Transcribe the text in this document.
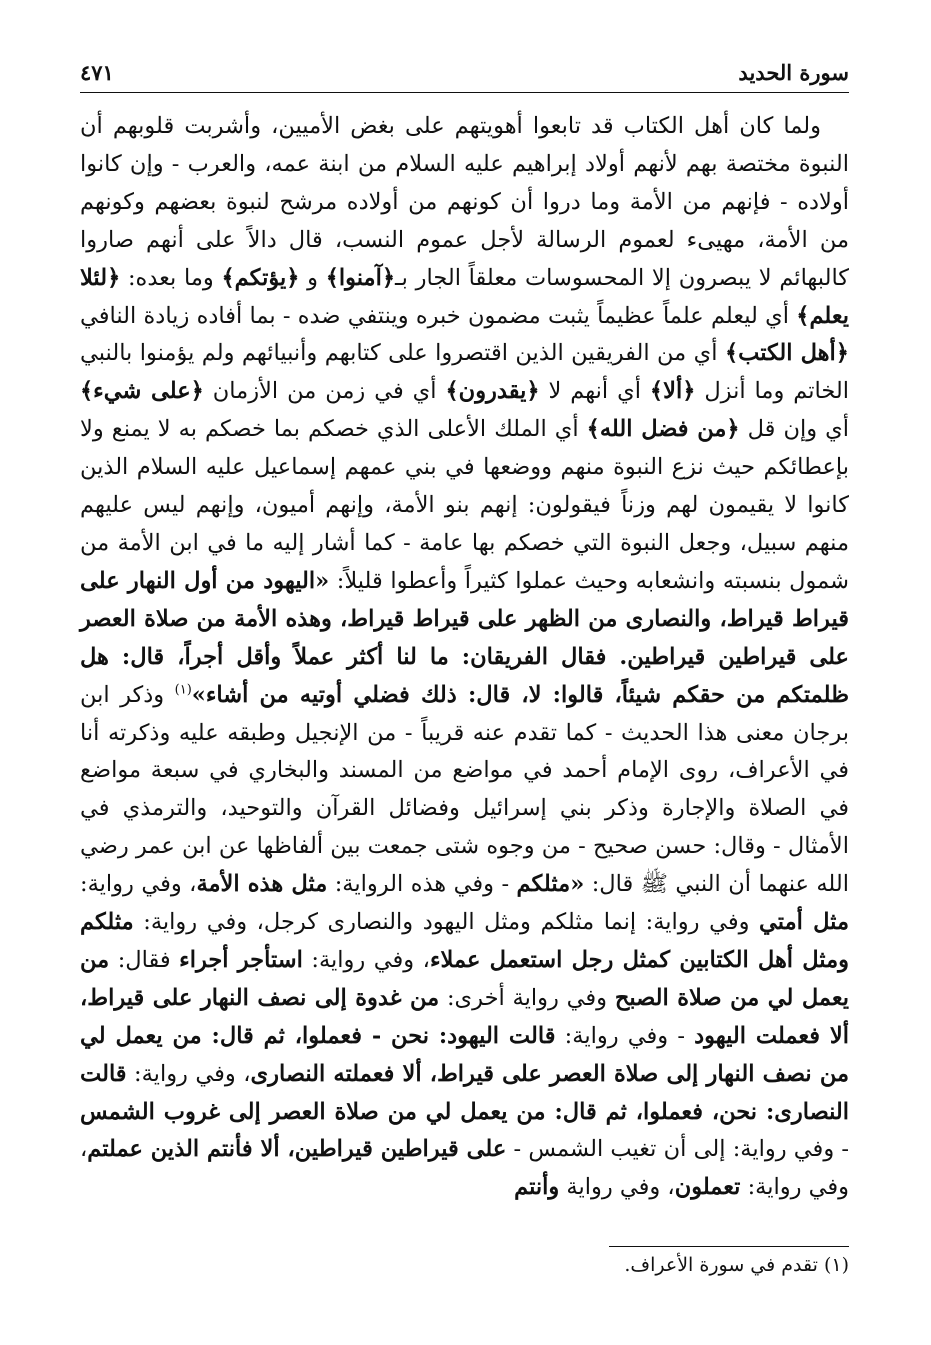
سورة الحديد
٤٧١

ولما كان أهل الكتاب قد تابعوا أهويتهم على بغض الأميين، وأشربت قلوبهم أن النبوة مختصة بهم لأنهم أولاد إبراهيم عليه السلام من ابنة عمه، والعرب - وإن كانوا أولاده - فإنهم من الأمة وما دروا أن كونهم من أولاده مرشح لنبوة بعضهم وكونهم من الأمة، مهيىء لعموم الرسالة لأجل عموم النسب، قال دالاً على أنهم صاروا كالبهائم لا يبصرون إلا المحسوسات معلقاً الجار بـ﴿آمنوا﴾ و ﴿يؤتكم﴾ وما بعده: ﴿لئلا يعلم﴾ أي ليعلم علماً عظيماً يثبت مضمون خبره وينتفي ضده - بما أفاده زيادة النافي ﴿أهل الكتب﴾ أي من الفريقين الذين اقتصروا على كتابهم وأنبيائهم ولم يؤمنوا بالنبي الخاتم وما أنزل ﴿ألا﴾ أي أنهم لا ﴿يقدرون﴾ أي في زمن من الأزمان ﴿على شيء﴾ أي وإن قل ﴿من فضل الله﴾ أي الملك الأعلى الذي خصكم بما خصكم به لا يمنع ولا بإعطائكم حيث نزع النبوة منهم ووضعها في بني عمهم إسماعيل عليه السلام الذين كانوا لا يقيمون لهم وزناً فيقولون: إنهم بنو الأمة، وإنهم أميون، وإنهم ليس عليهم منهم سبيل، وجعل النبوة التي خصكم بها عامة - كما أشار إليه ما في ابن الأمة من شمول بنسبته وانشعابه وحيث عملوا كثيراً وأعطوا قليلاً: «اليهود من أول النهار على قيراط قيراط، والنصارى من الظهر على قيراط قيراط، وهذه الأمة من صلاة العصر على قيراطين قيراطين. فقال الفريقان: ما لنا أكثر عملاً وأقل أجراً، قال: هل ظلمتكم من حقكم شيئاً، قالوا: لا، قال: ذلك فضلي أوتيه من أشاء»$^{(١)}$ وذكر ابن برجان معنى هذا الحديث - كما تقدم عنه قريباً - من الإنجيل وطبقه عليه وذكرته أنا في الأعراف، روى الإمام أحمد في مواضع من المسند والبخاري في سبعة مواضع في الصلاة والإجارة وذكر بني إسرائيل وفضائل القرآن والتوحيد، والترمذي في الأمثال - وقال: حسن صحيح - من وجوه شتى جمعت بين ألفاظها عن ابن عمر رضي الله عنهما أن النبي ﷺ قال: «مثلكم - وفي هذه الرواية: مثل هذه الأمة، وفي رواية: مثل أمتي وفي رواية: إنما مثلكم ومثل اليهود والنصارى كرجل، وفي رواية: مثلكم ومثل أهل الكتابين كمثل رجل استعمل عملاء، وفي رواية: استأجر أجراء فقال: من يعمل لي من صلاة الصبح وفي رواية أخرى: من غدوة إلى نصف النهار على قيراط، ألا فعملت اليهود - وفي رواية: قالت اليهود: نحن - فعملوا، ثم قال: من يعمل لي من نصف النهار إلى صلاة العصر على قيراط، ألا فعملته النصارى، وفي رواية: قالت النصارى: نحن، فعملوا، ثم قال: من يعمل لي من صلاة العصر إلى غروب الشمس - وفي رواية: إلى أن تغيب الشمس - على قيراطين قيراطين، ألا فأنتم الذين عملتم، وفي رواية: تعملون، وفي رواية وأنتم

(١) تقدم في سورة الأعراف.
